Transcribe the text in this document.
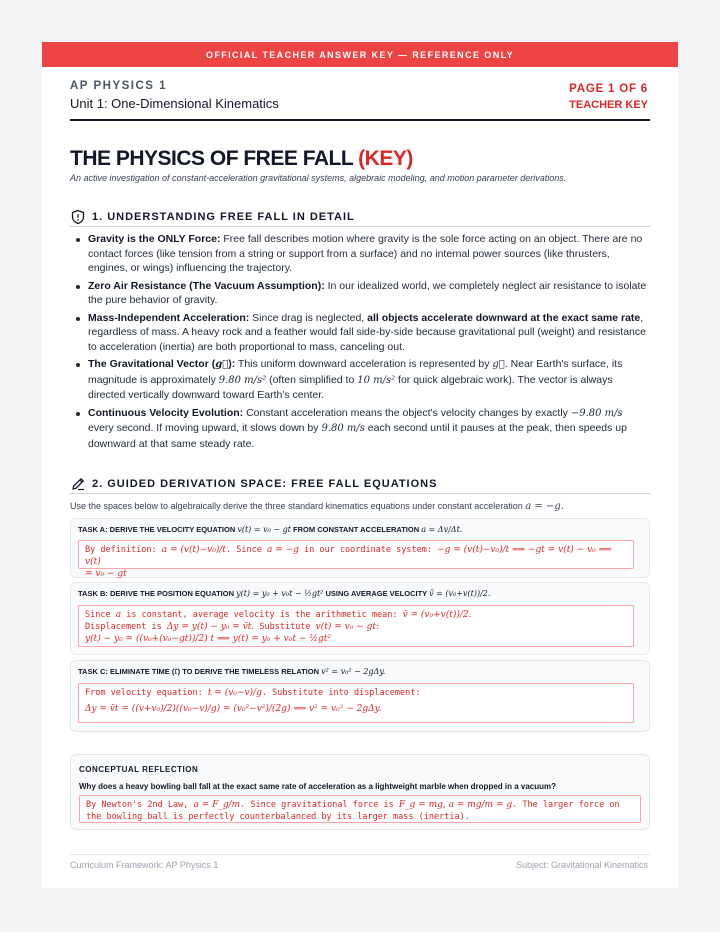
OFFICIAL TEACHER ANSWER KEY — REFERENCE ONLY
AP PHYSICS 1
Unit 1: One-Dimensional Kinematics
PAGE 1 OF 6
TEACHER KEY
THE PHYSICS OF FREE FALL (KEY)
An active investigation of constant-acceleration gravitational systems, algebraic modeling, and motion parameter derivations.
1. UNDERSTANDING FREE FALL IN DETAIL
Gravity is the ONLY Force: Free fall describes motion where gravity is the sole force acting on an object. There are no contact forces (like tension from a string or support from a surface) and no internal power sources (like thrusters, engines, or wings) influencing the trajectory.
Zero Air Resistance (The Vacuum Assumption): In our idealized world, we completely neglect air resistance to isolate the pure behavior of gravity.
Mass-Independent Acceleration: Since drag is neglected, all objects accelerate downward at the exact same rate, regardless of mass. A heavy rock and a feather would fall side-by-side because gravitational pull (weight) and resistance to acceleration (inertia) are both proportional to mass, canceling out.
The Gravitational Vector (g⃗): This uniform downward acceleration is represented by g⃗. Near Earth's surface, its magnitude is approximately 9.80 m/s² (often simplified to 10 m/s² for quick algebraic work). The vector is always directed vertically downward toward Earth's center.
Continuous Velocity Evolution: Constant acceleration means the object's velocity changes by exactly −9.80 m/s every second. If moving upward, it slows down by 9.80 m/s each second until it pauses at the peak, then speeds up downward at that same steady rate.
2. GUIDED DERIVATION SPACE: FREE FALL EQUATIONS
Use the spaces below to algebraically derive the three standard kinematics equations under constant acceleration a = −g.
TASK A: DERIVE THE VELOCITY EQUATION v(t) = v₀ − gt FROM CONSTANT ACCELERATION a = Δv/Δt.
By definition: a = (v(t)−v₀)/t. Since a = −g in our coordinate system: −g = (v(t)−v₀)/t ⟹ −gt = v(t) − v₀ ⟹ v(t)
= v₀ − gt
TASK B: DERIVE THE POSITION EQUATION y(t) = y₀ + v₀t − ½gt² USING AVERAGE VELOCITY v̄ = (v₀+v(t))/2.
Since a is constant, average velocity is the arithmetic mean: v̄ = (v₀+v(t))/2.
Displacement is Δy = y(t) − y₀ = v̄t. Substitute v(t) = v₀ − gt:
y(t) − y₀ = ((v₀+(v₀−gt))/2) t ⟹ y(t) = y₀ + v₀t − ½gt²
TASK C: ELIMINATE TIME (t) TO DERIVE THE TIMELESS RELATION v² = v₀² − 2gΔy.
From velocity equation: t = (v₀−v)/g. Substitute into displacement:
Δy = v̄t = ((v+v₀)/2)((v₀−v)/g) = (v₀²−v²)/(2g) ⟹ v² = v₀² − 2gΔy.
CONCEPTUAL REFLECTION
Why does a heavy bowling ball fall at the exact same rate of acceleration as a lightweight marble when dropped in a vacuum?
By Newton's 2nd Law, a = F_g/m. Since gravitational force is F_g = mg, a = mg/m = g. The larger force on
the bowling ball is perfectly counterbalanced by its larger mass (inertia).
Curriculum Framework: AP Physics 1	Subject: Gravitational Kinematics
